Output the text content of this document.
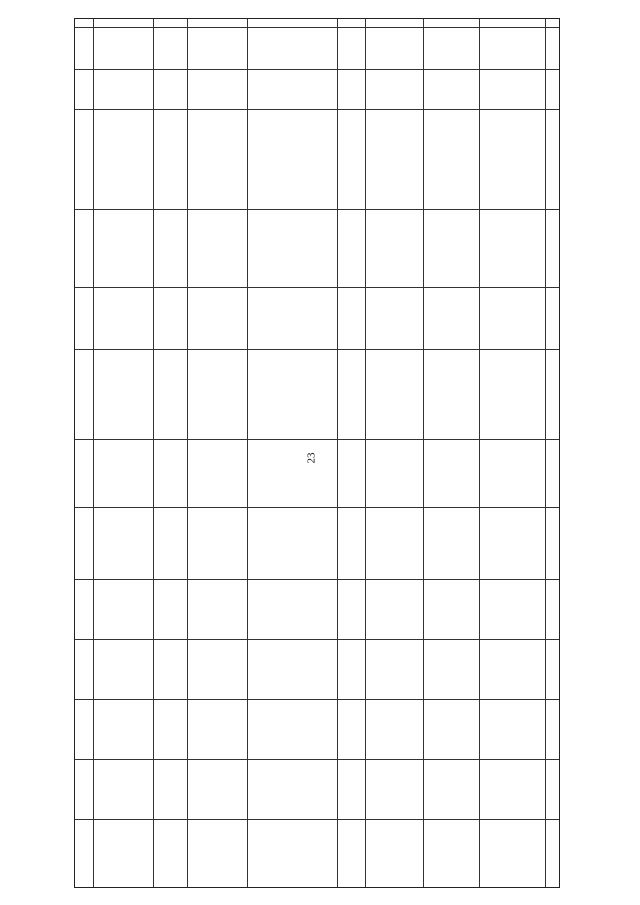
23
